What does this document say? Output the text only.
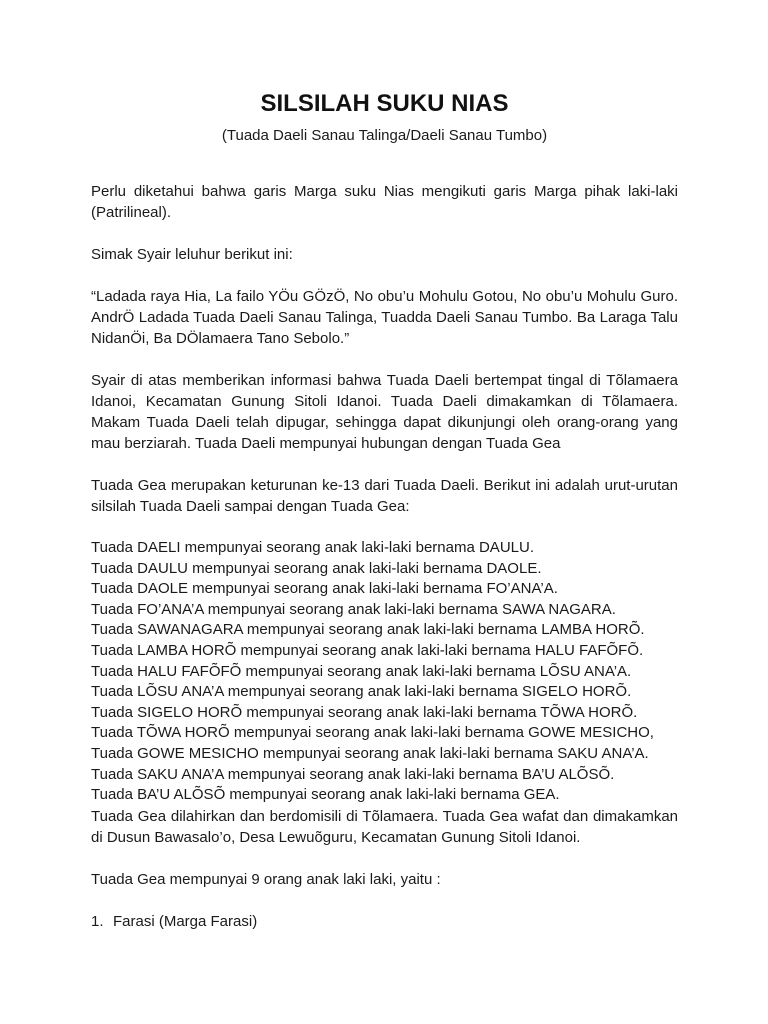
SILSILAH SUKU NIAS

(Tuada Daeli Sanau Talinga/Daeli Sanau Tumbo)

Perlu diketahui bahwa garis Marga suku Nias mengikuti garis Marga pihak laki-laki (Patrilineal).

Simak Syair leluhur berikut ini:

“Ladada raya Hia, La failo YÖu GÖzÖ, No obu’u Mohulu Gotou, No obu’u Mohulu Guro. AndrÖ Ladada Tuada Daeli Sanau Talinga, Tuadda Daeli Sanau Tumbo. Ba Laraga Talu NidanÖi, Ba DÖlamaera Tano Sebolo.”

Syair di atas memberikan informasi bahwa Tuada Daeli bertempat tingal di Tõlamaera Idanoi, Kecamatan Gunung Sitoli Idanoi. Tuada Daeli dimakamkan di Tõlamaera. Makam Tuada Daeli telah dipugar, sehingga dapat dikunjungi oleh orang-orang yang mau berziarah. Tuada Daeli mempunyai hubungan dengan Tuada Gea

Tuada Gea merupakan keturunan ke-13 dari Tuada Daeli. Berikut ini adalah urut-urutan silsilah Tuada Daeli sampai dengan Tuada Gea:

Tuada DAELI mempunyai seorang anak laki-laki bernama DAULU.
Tuada DAULU mempunyai seorang anak laki-laki bernama DAOLE.
Tuada DAOLE mempunyai seorang anak laki-laki bernama FO’ANA’A.
Tuada FO’ANA’A mempunyai seorang anak laki-laki bernama SAWA NAGARA.
Tuada SAWANAGARA mempunyai seorang anak laki-laki bernama LAMBA HORÕ.
Tuada LAMBA HORÕ mempunyai seorang anak laki-laki bernama HALU FAFÕFÕ.
Tuada HALU FAFÕFÕ mempunyai seorang anak laki-laki bernama LÕSU ANA’A.
Tuada LÕSU ANA’A mempunyai seorang anak laki-laki bernama SIGELO HORÕ.
Tuada SIGELO HORÕ mempunyai seorang anak laki-laki bernama TÕWA HORÕ.
Tuada TÕWA HORÕ mempunyai seorang anak laki-laki bernama GOWE MESICHO,
Tuada GOWE MESICHO mempunyai seorang anak laki-laki bernama SAKU ANA’A.
Tuada SAKU ANA’A mempunyai seorang anak laki-laki bernama BA’U ALÕSÕ.
Tuada BA’U ALÕSÕ mempunyai seorang anak laki-laki bernama GEA.

Tuada Gea dilahirkan dan berdomisili di Tõlamaera. Tuada Gea wafat dan dimakamkan di Dusun Bawasalo’o, Desa Lewuõguru, Kecamatan Gunung Sitoli Idanoi.

Tuada Gea mempunyai 9 orang anak laki laki, yaitu :

1. Farasi (Marga Farasi)
